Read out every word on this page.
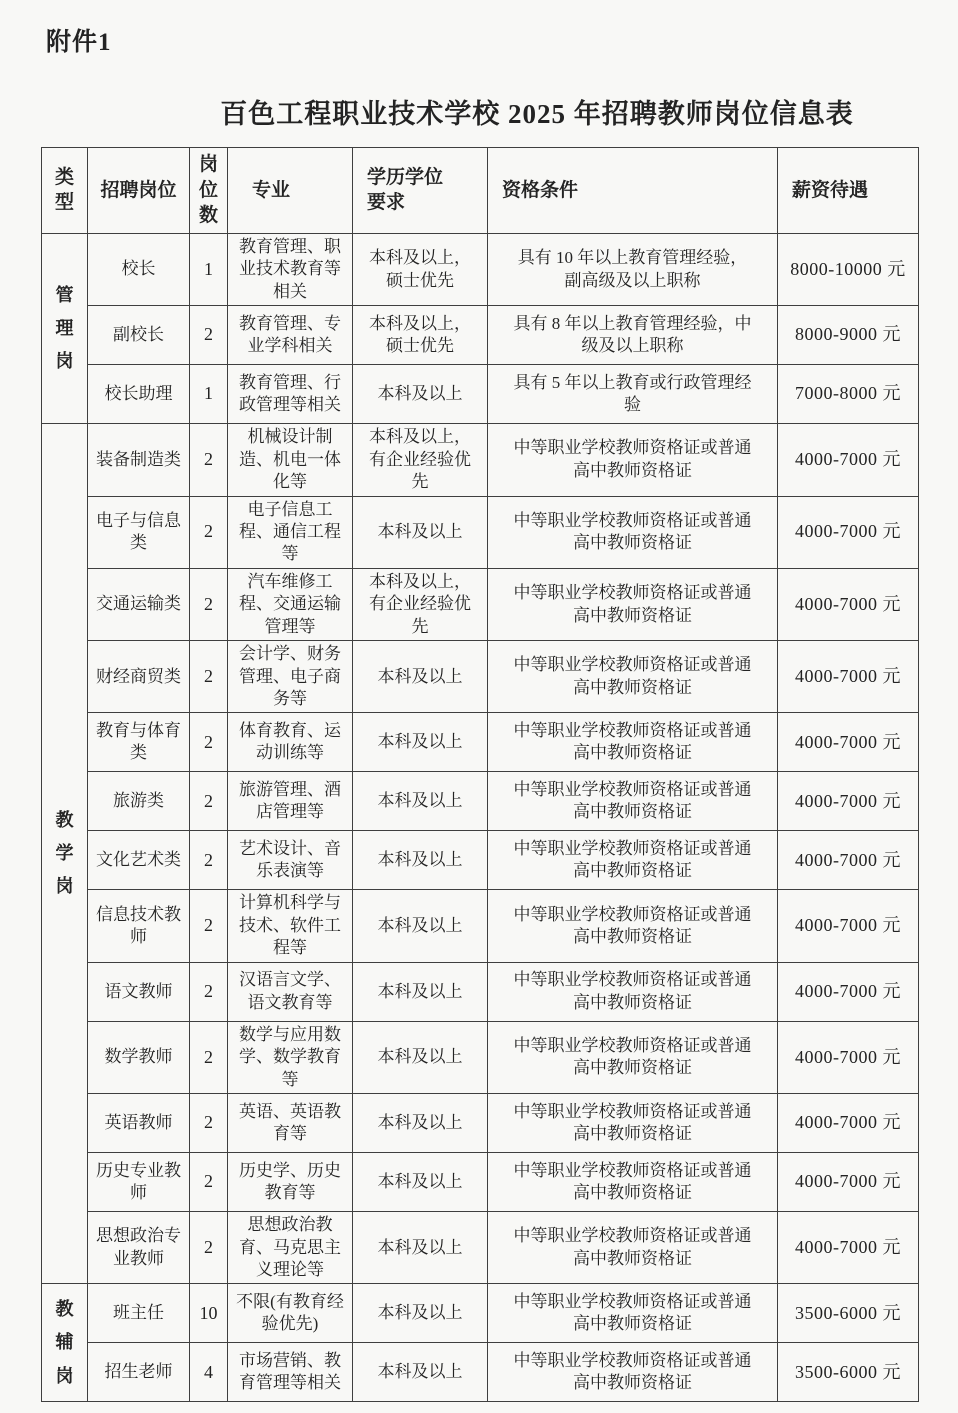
附件1
百色工程职业技术学校 2025 年招聘教师岗位信息表
类型	招聘岗位	岗位数	专业	学历学位要求	资格条件	薪资待遇
管理岗	校长	1	教育管理、职业技术教育等相关	本科及以上，硕士优先	具有 10 年以上教育管理经验，副高级及以上职称	8000-10000 元
	副校长	2	教育管理、专业学科相关	本科及以上，硕士优先	具有 8 年以上教育管理经验，中级及以上职称	8000-9000 元
	校长助理	1	教育管理、行政管理等相关	本科及以上	具有 5 年以上教育或行政管理经验	7000-8000 元
教学岗	装备制造类	2	机械设计制造、机电一体化等	本科及以上，有企业经验优先	中等职业学校教师资格证或普通高中教师资格证	4000-7000 元
	电子与信息类	2	电子信息工程、通信工程等	本科及以上	中等职业学校教师资格证或普通高中教师资格证	4000-7000 元
	交通运输类	2	汽车维修工程、交通运输管理等	本科及以上，有企业经验优先	中等职业学校教师资格证或普通高中教师资格证	4000-7000 元
	财经商贸类	2	会计学、财务管理、电子商务等	本科及以上	中等职业学校教师资格证或普通高中教师资格证	4000-7000 元
	教育与体育类	2	体育教育、运动训练等	本科及以上	中等职业学校教师资格证或普通高中教师资格证	4000-7000 元
	旅游类	2	旅游管理、酒店管理等	本科及以上	中等职业学校教师资格证或普通高中教师资格证	4000-7000 元
	文化艺术类	2	艺术设计、音乐表演等	本科及以上	中等职业学校教师资格证或普通高中教师资格证	4000-7000 元
	信息技术教师	2	计算机科学与技术、软件工程等	本科及以上	中等职业学校教师资格证或普通高中教师资格证	4000-7000 元
	语文教师	2	汉语言文学、语文教育等	本科及以上	中等职业学校教师资格证或普通高中教师资格证	4000-7000 元
	数学教师	2	数学与应用数学、数学教育等	本科及以上	中等职业学校教师资格证或普通高中教师资格证	4000-7000 元
	英语教师	2	英语、英语教育等	本科及以上	中等职业学校教师资格证或普通高中教师资格证	4000-7000 元
	历史专业教师	2	历史学、历史教育等	本科及以上	中等职业学校教师资格证或普通高中教师资格证	4000-7000 元
	思想政治专业教师	2	思想政治教育、马克思主义理论等	本科及以上	中等职业学校教师资格证或普通高中教师资格证	4000-7000 元
教辅岗	班主任	10	不限(有教育经验优先)	本科及以上	中等职业学校教师资格证或普通高中教师资格证	3500-6000 元
	招生老师	4	市场营销、教育管理等相关	本科及以上	中等职业学校教师资格证或普通高中教师资格证	3500-6000 元
